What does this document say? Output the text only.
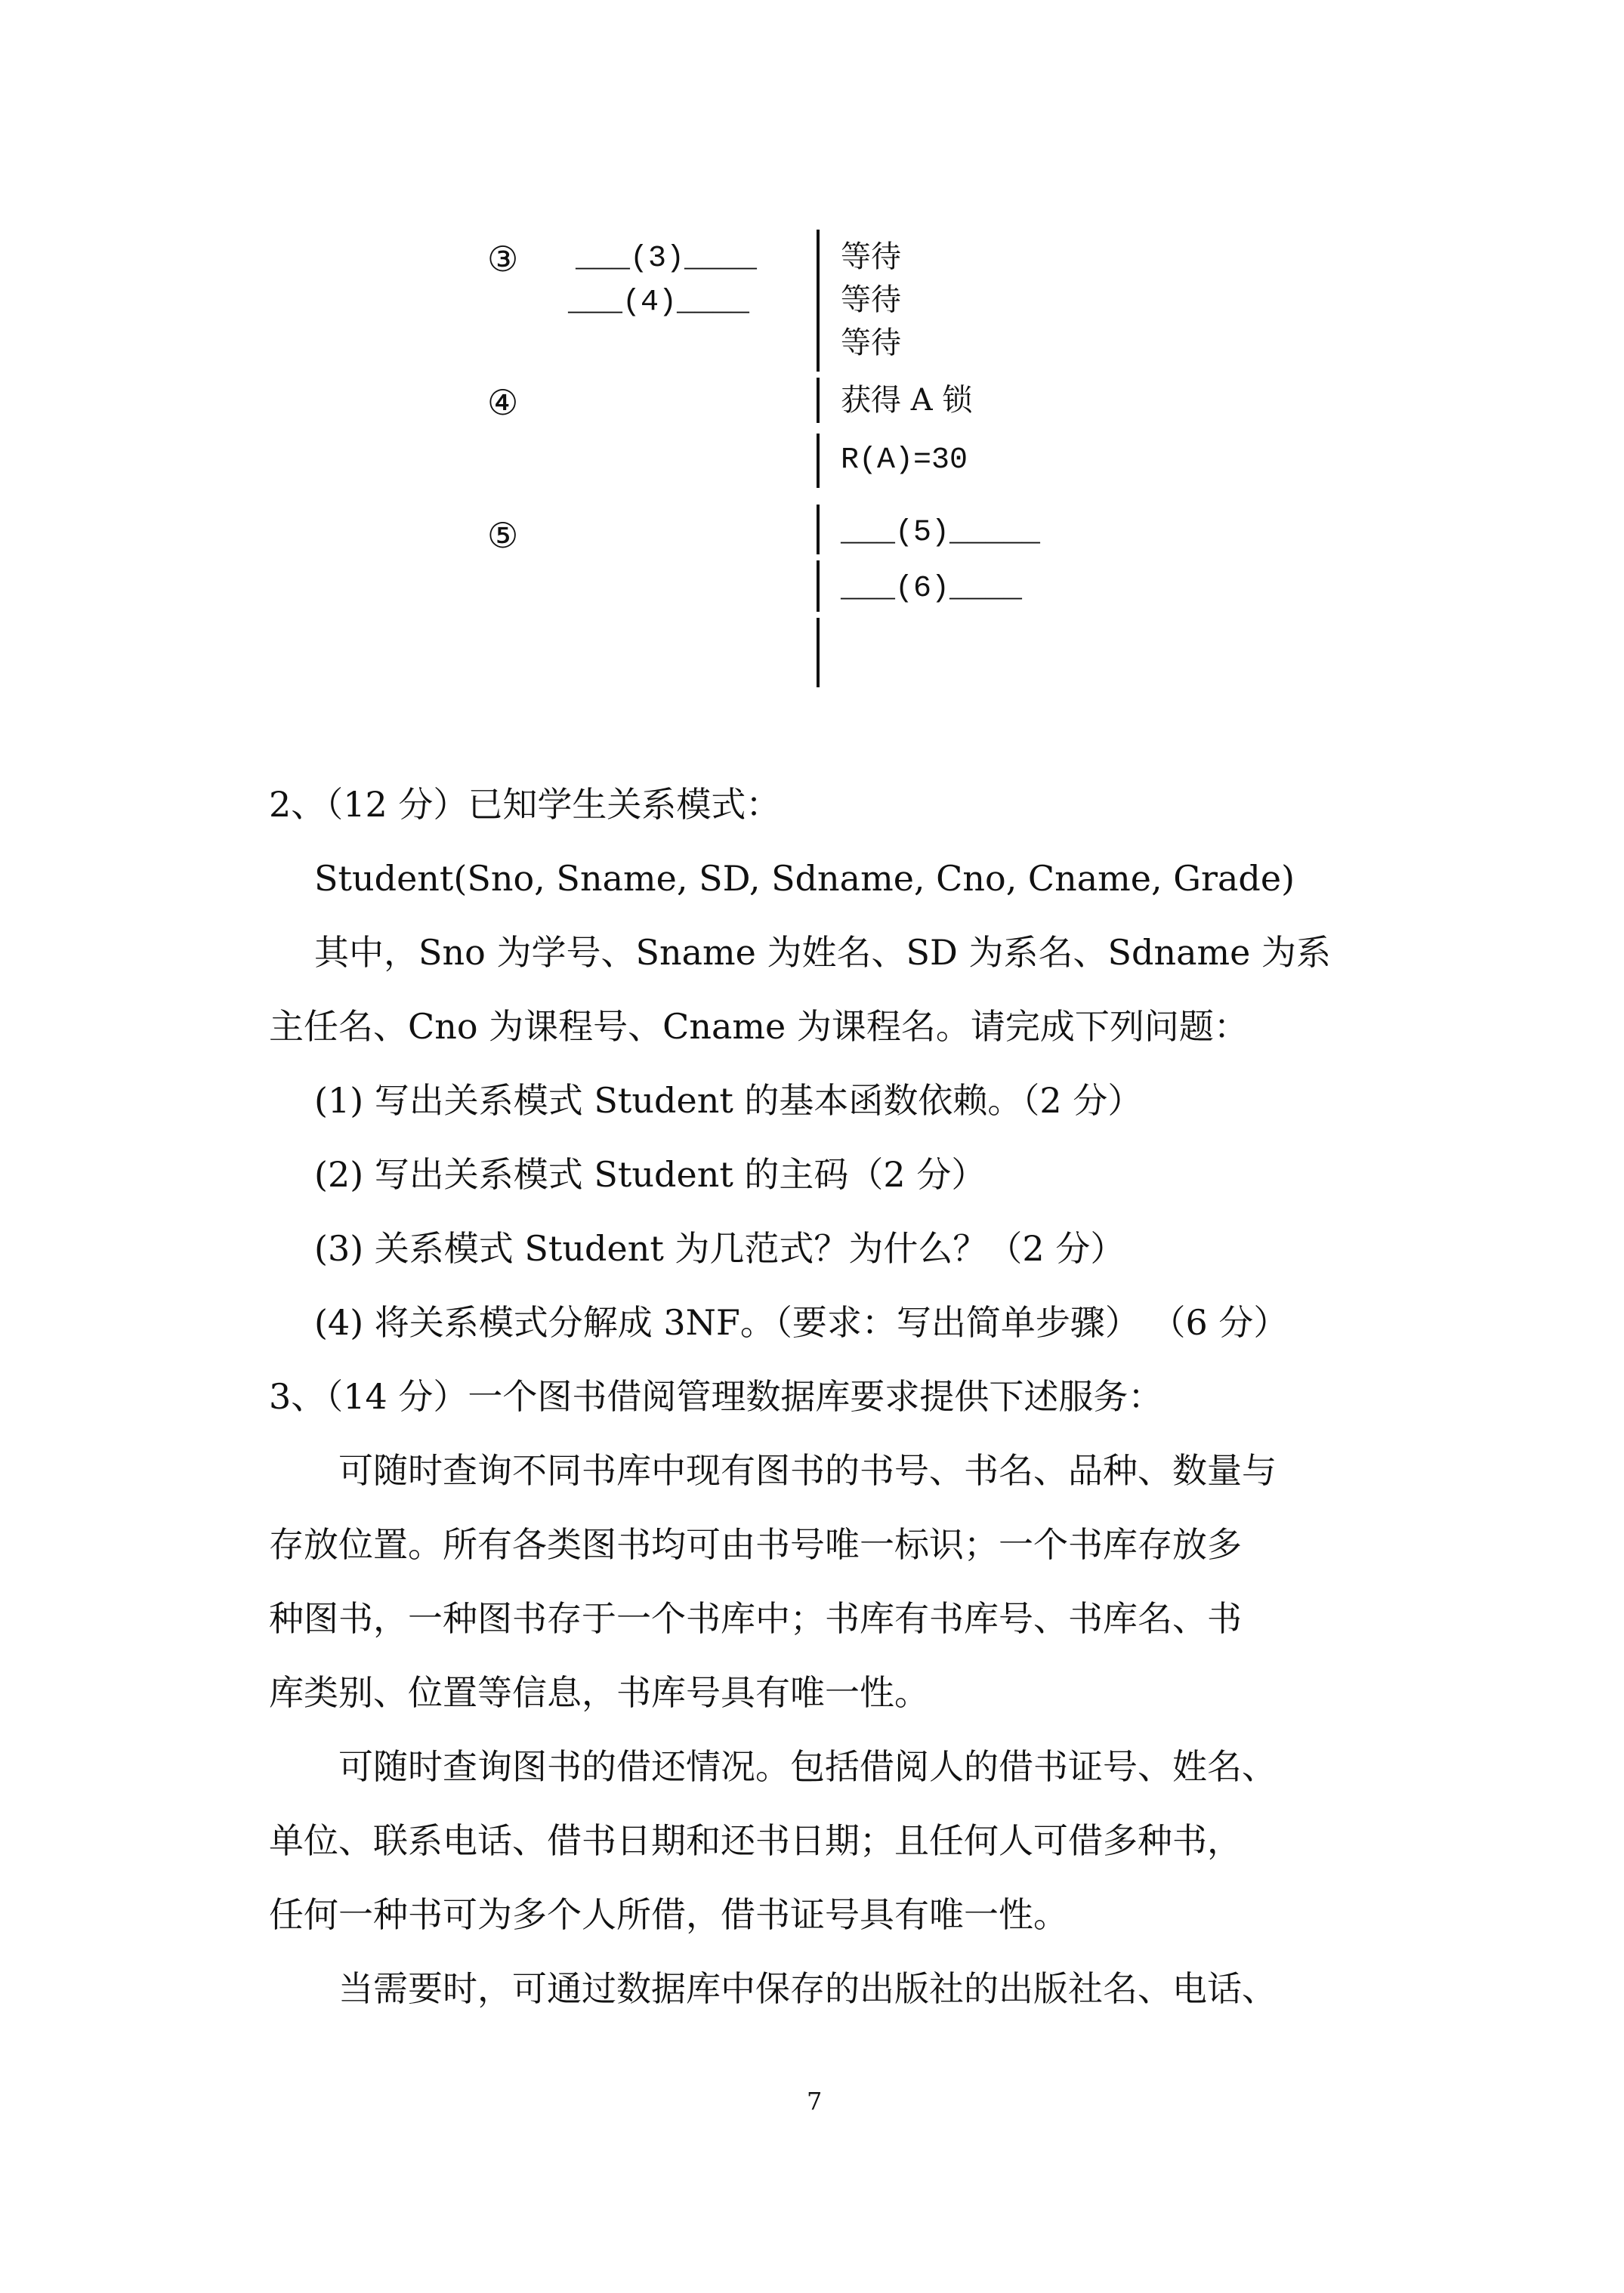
③
④
⑤
___(3)____
___(4)____
等待
等待
等待
获得 A 锁
R(A)=30
___(5)_____
___(6)____
2、（12 分）已知学生关系模式：
Student(Sno, Sname, SD, Sdname, Cno, Cname, Grade)
其中，Sno 为学号、Sname 为姓名、SD 为系名、Sdname 为系
主任名、Cno 为课程号、Cname 为课程名。请完成下列问题：
(1) 写出关系模式 Student 的基本函数依赖。（2 分）
(2) 写出关系模式 Student 的主码（2 分）
(3) 关系模式 Student 为几范式？为什么？（2 分）
(4) 将关系模式分解成 3NF。（要求：写出简单步骤） （6 分）
3、（14 分）一个图书借阅管理数据库要求提供下述服务：
可随时查询不同书库中现有图书的书号、书名、品种、数量与
存放位置。所有各类图书均可由书号唯一标识；一个书库存放多
种图书，一种图书存于一个书库中；书库有书库号、书库名、书
库类别、位置等信息，书库号具有唯一性。
可随时查询图书的借还情况。包括借阅人的借书证号、姓名、
单位、联系电话、借书日期和还书日期；且任何人可借多种书，
任何一种书可为多个人所借，借书证号具有唯一性。
当需要时，可通过数据库中保存的出版社的出版社名、电话、
7
